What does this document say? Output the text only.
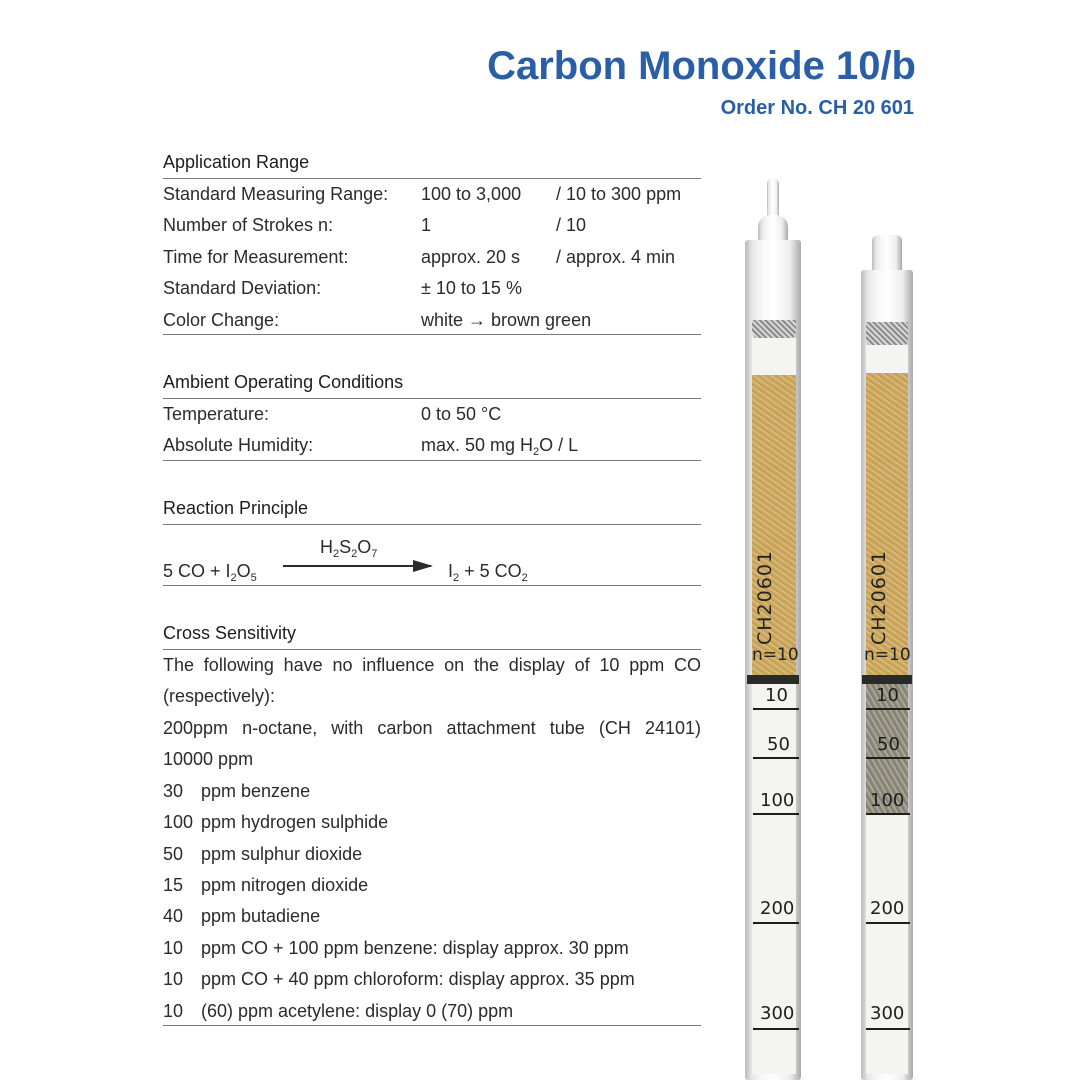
Carbon Monoxide 10/b
Order No. CH 20 601
Application Range
Standard Measuring Range: 100 to 3,000 / 10 to 300 ppm
Number of Strokes n:	1	/ 10
Time for Measurement:	approx. 20 s / approx. 4 min
Standard Deviation:	± 10 to 15 %
Color Change:	white → brown green
Ambient Operating Conditions
Temperature:	0 to 50 °C
Absolute Humidity:	max. 50 mg $H_2O$ / L
Reaction Principle
$H_2S_2O_7$
5 CO + $I_2O_5$	$I_2 + 5$ $CO_2$
Cross Sensitivity
The following have no influence on the display of 10 ppm CO
(respectively):
200ppm n-octane, with carbon attachment tube (CH 24101)
10000 ppm
30 ppm benzene
100 ppm hydrogen sulphide
50 ppm sulphur dioxide
15 ppm nitrogen dioxide
40 ppm butadiene
10 ppm CO + 100 ppm benzene: display approx. 30 ppm
10 ppm CO + 40 ppm chloroform: display approx. 35 ppm
10 (60) ppm acetylene: display 0 (70) ppm
CH20601
n=10
10
50
100
200
300
CH20601
n=10
10
50
100
200
300
